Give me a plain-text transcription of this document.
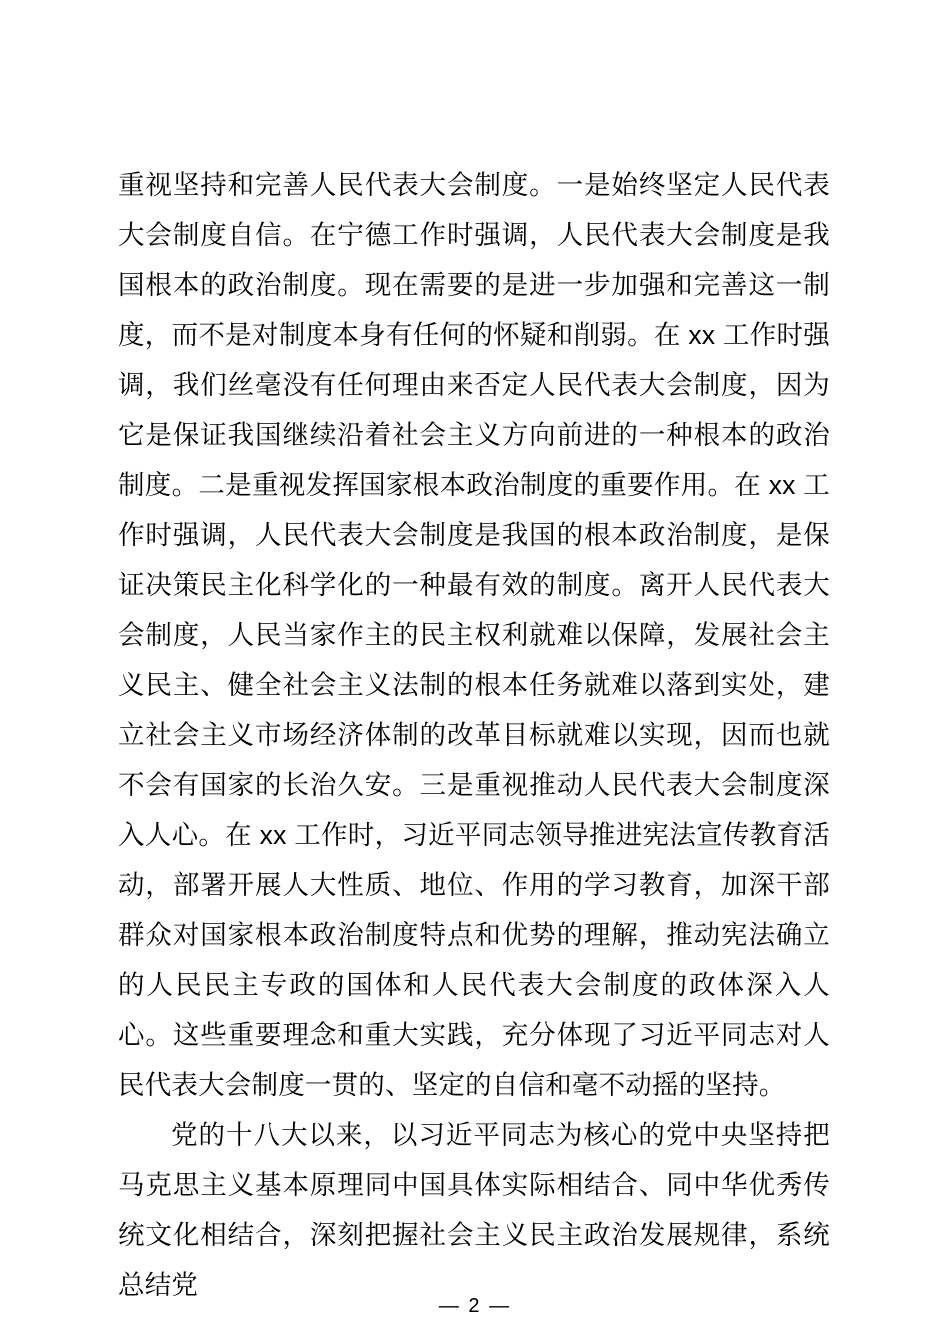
重视坚持和完善人民代表大会制度。一是始终坚定人民代表大会制度自信。在宁德工作时强调，人民代表大会制度是我国根本的政治制度。现在需要的是进一步加强和完善这一制度，而不是对制度本身有任何的怀疑和削弱。在 xx 工作时强调，我们丝毫没有任何理由来否定人民代表大会制度，因为它是保证我国继续沿着社会主义方向前进的一种根本的政治制度。二是重视发挥国家根本政治制度的重要作用。在 xx 工作时强调，人民代表大会制度是我国的根本政治制度，是保证决策民主化科学化的一种最有效的制度。离开人民代表大会制度，人民当家作主的民主权利就难以保障，发展社会主义民主、健全社会主义法制的根本任务就难以落到实处，建立社会主义市场经济体制的改革目标就难以实现，因而也就不会有国家的长治久安。三是重视推动人民代表大会制度深入人心。在 xx 工作时，习近平同志领导推进宪法宣传教育活动，部署开展人大性质、地位、作用的学习教育，加深干部群众对国家根本政治制度特点和优势的理解，推动宪法确立的人民民主专政的国体和人民代表大会制度的政体深入人心。这些重要理念和重大实践，充分体现了习近平同志对人民代表大会制度一贯的、坚定的自信和毫不动摇的坚持。

党的十八大以来，以习近平同志为核心的党中央坚持把马克思主义基本原理同中国具体实际相结合、同中华优秀传统文化相结合，深刻把握社会主义民主政治发展规律，系统总结党

— 2 —
